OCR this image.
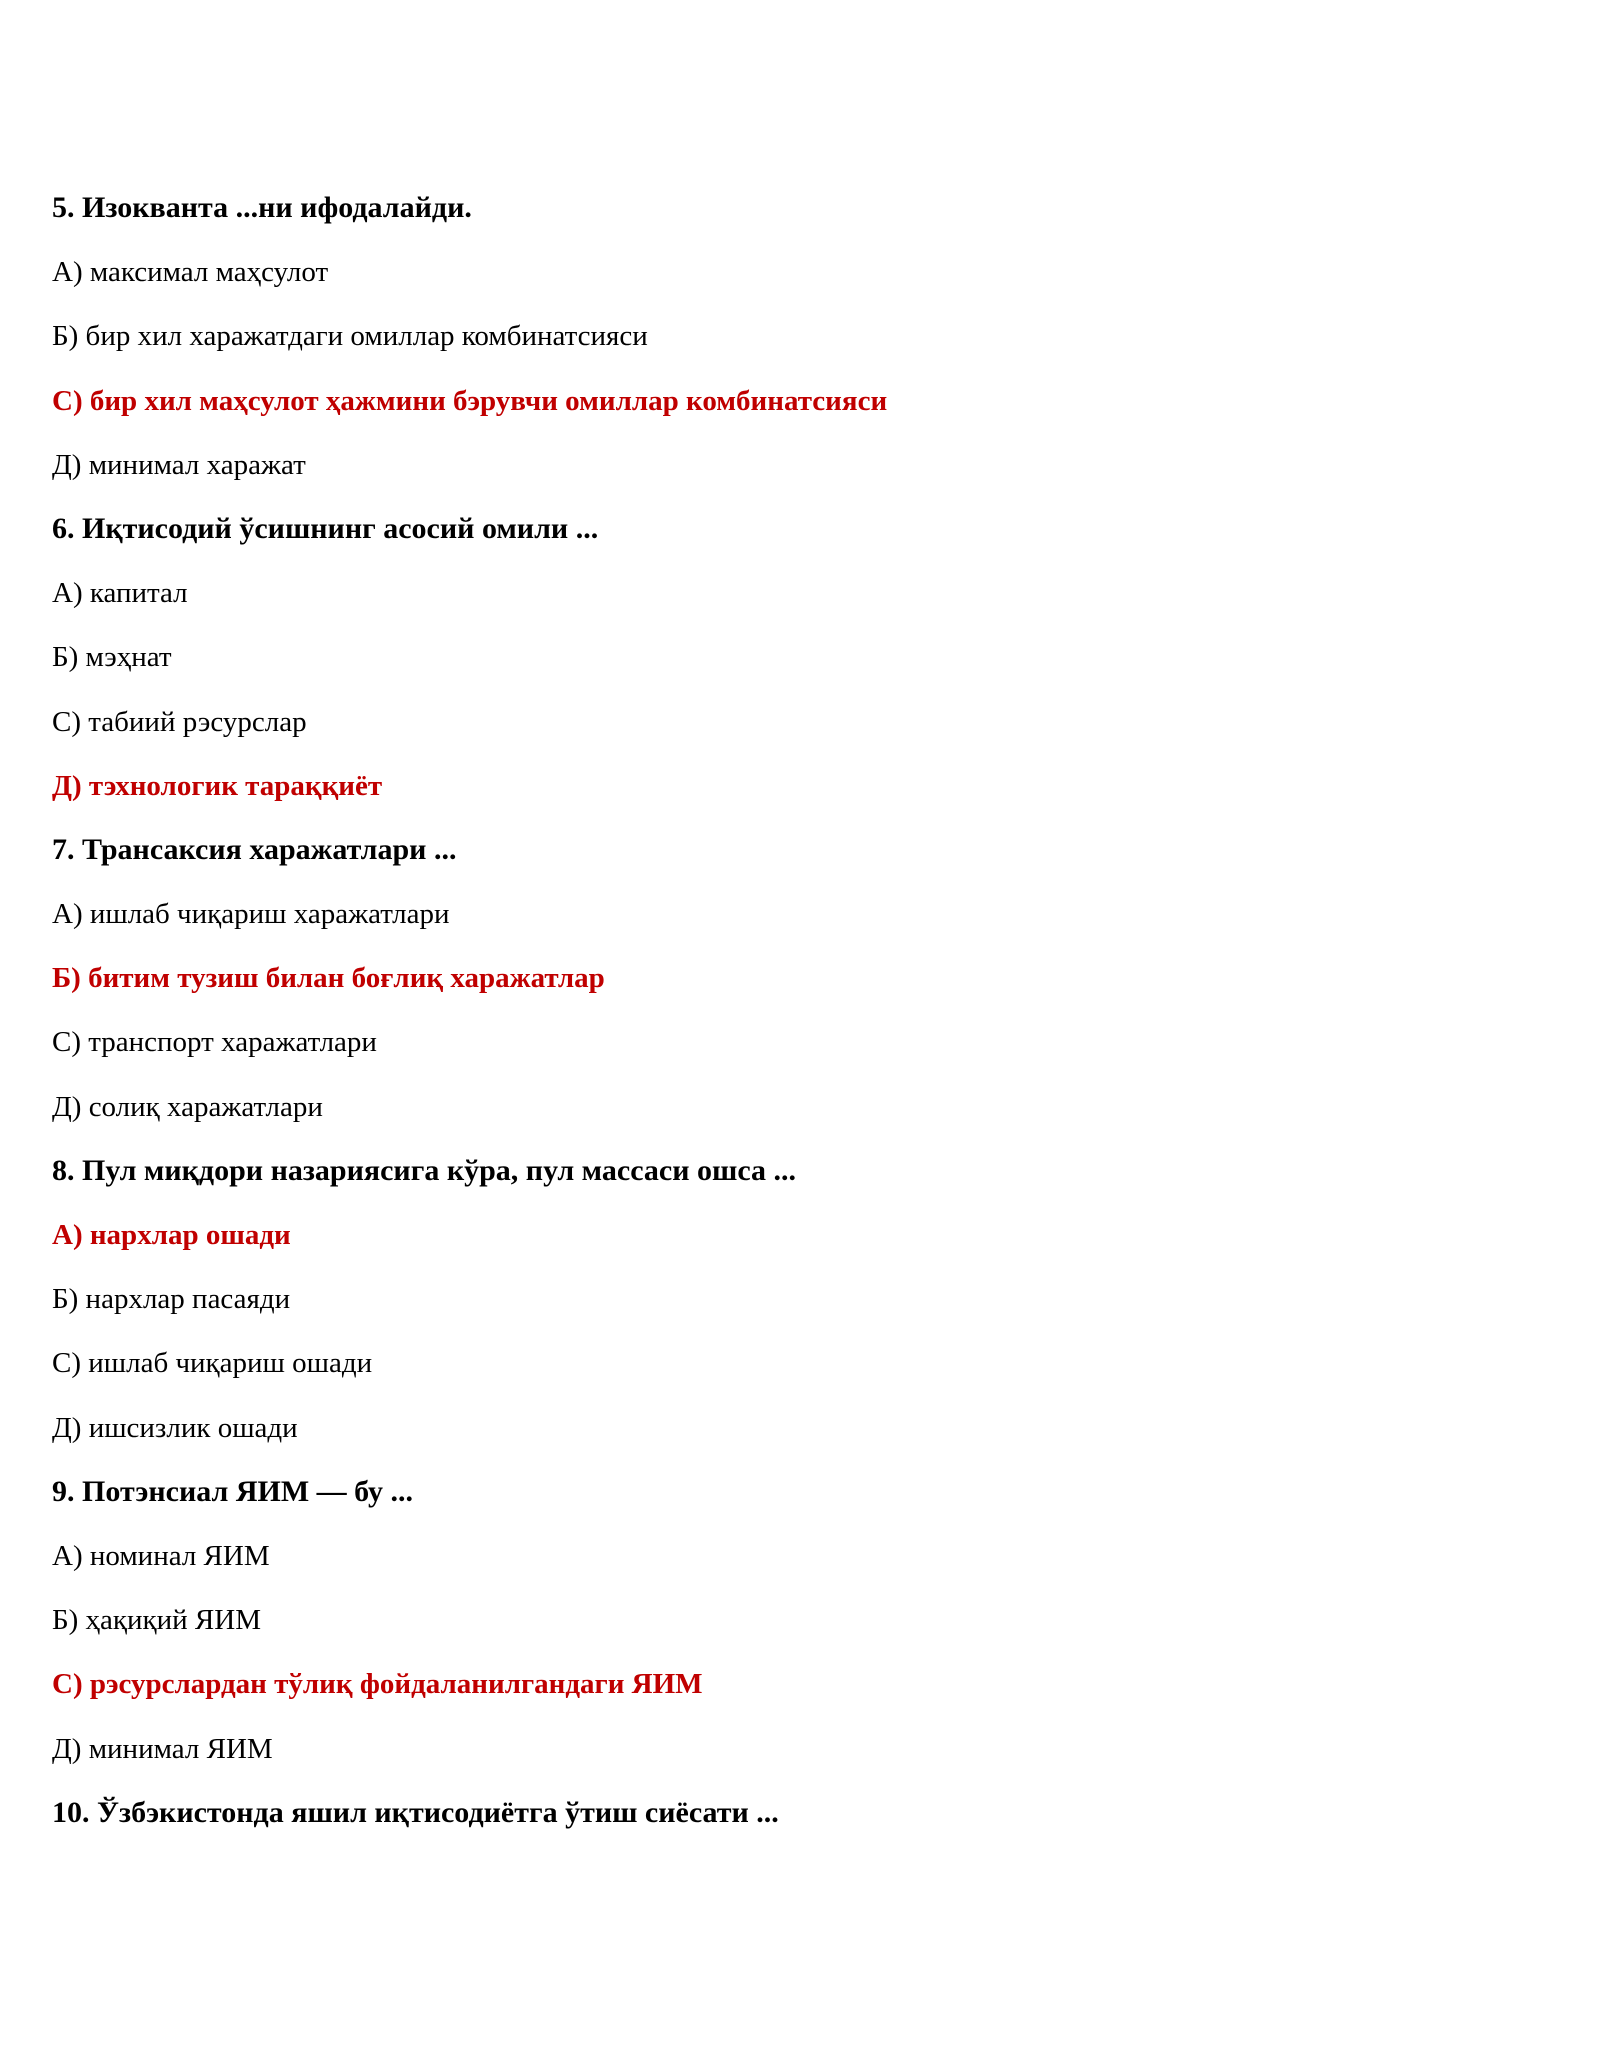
5. Изокванта ...ни ифодалайди.
А) максимал маҳсулот
Б) бир хил харажатдаги омиллар комбинатсияси
С) бир хил маҳсулот ҳажмини бэрувчи омиллар комбинатсияси
Д) минимал харажат
6. Иқтисодий ўсишнинг асосий омили ...
А) капитал
Б) мэҳнат
С) табиий рэсурслар
Д) тэхнологик тараққиёт
7. Трансаксия харажатлари ...
А) ишлаб чиқариш харажатлари
Б) битим тузиш билан боғлиқ харажатлар
С) транспорт харажатлари
Д) солиқ харажатлари
8. Пул миқдори назариясига кўра, пул массаси ошса ...
А) нархлар ошади
Б) нархлар пасаяди
С) ишлаб чиқариш ошади
Д) ишсизлик ошади
9. Потэнсиал ЯИМ — бу ...
А) номинал ЯИМ
Б) ҳақиқий ЯИМ
С) рэсурслардан тўлиқ фойдаланилгандаги ЯИМ
Д) минимал ЯИМ
10. Ўзбэкистонда яшил иқтисодиётга ўтиш сиёсати ...
